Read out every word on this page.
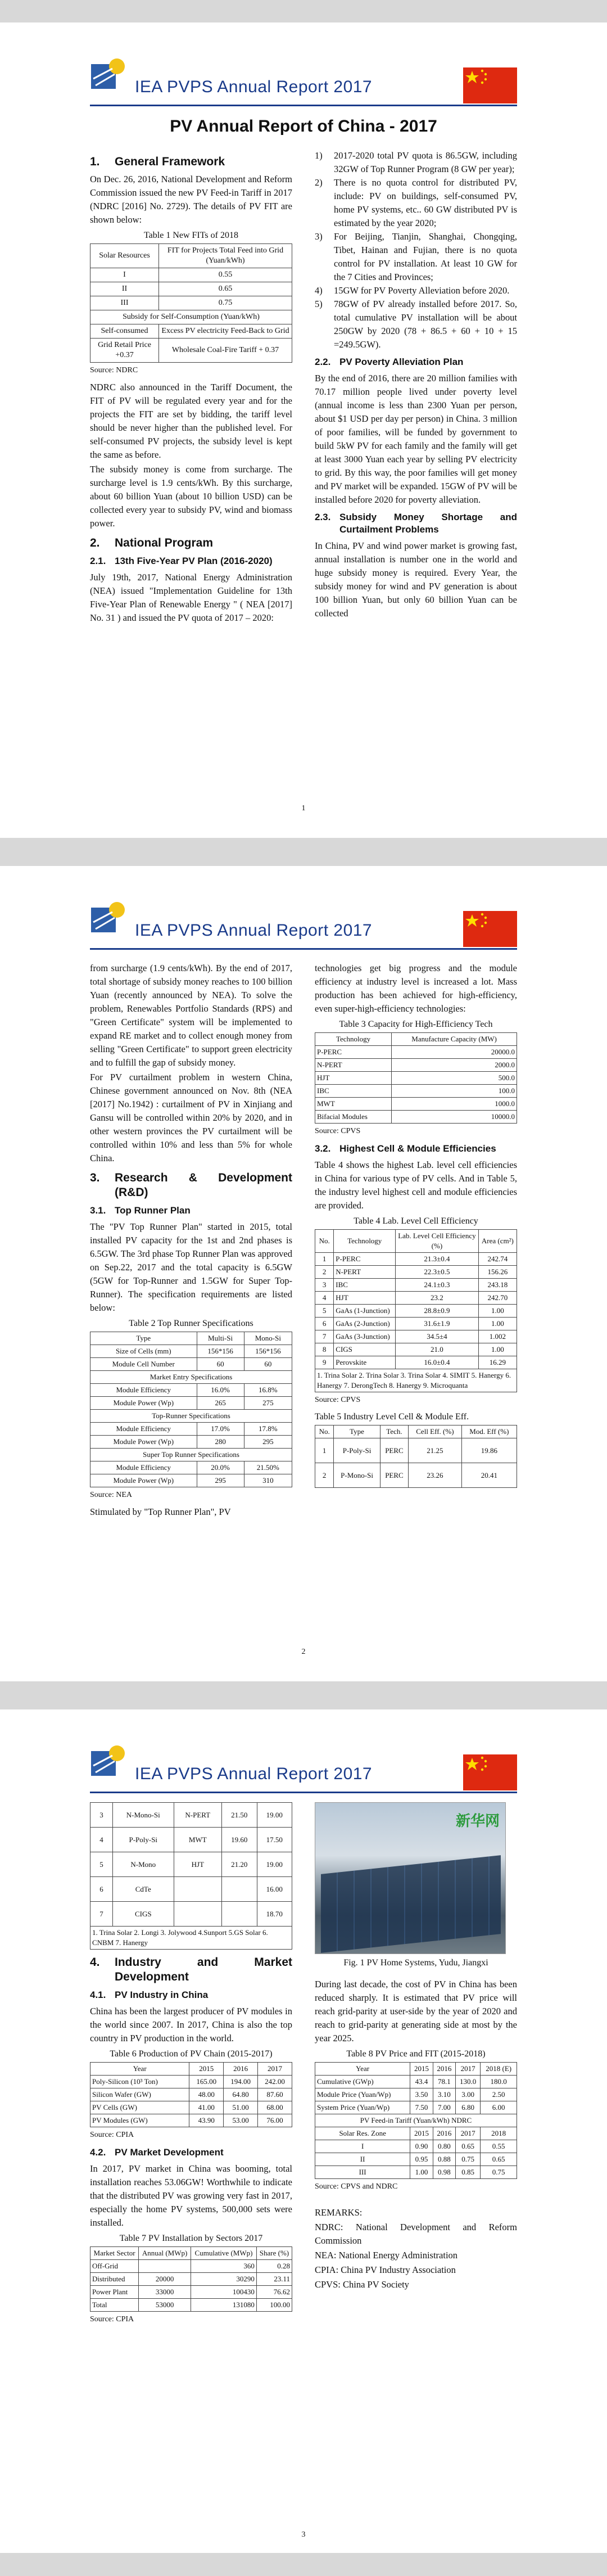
IEA PVPS Annual Report 2017
PV Annual Report of China - 2017
1.	General Framework

On Dec. 26, 2016, National Development and Reform Commission issued the new PV Feed-in Tariff in 2017 (NDRC [2016] No. 2729). The details of PV FIT are shown below:

Table 1 New FITs of 2018
Solar Resources	FIT for Projects Total Feed into Grid (Yuan/kWh)
I	0.55
II	0.65
III	0.75
Subsidy for Self-Consumption (Yuan/kWh)	
Self-consumed	Excess PV electricity Feed-Back to Grid
Grid Retail Price +0.37	Wholesale Coal-Fire Tariff + 0.37
Source: NDRC

NDRC also announced in the Tariff Document, the FIT of PV will be regulated every year and for the projects the FIT are set by bidding, the tariff level should be never higher than the published level. For self-consumed PV projects, the subsidy level is kept the same as before.

The subsidy money is come from surcharge. The surcharge level is 1.9 cents/kWh. By this surcharge, about 60 billion Yuan (about 10 billion USD) can be collected every year to subsidy PV, wind and biomass power.

2.	National Program
2.1. 13th Five-Year PV Plan (2016-2020)

July 19th, 2017, National Energy Administration (NEA) issued "Implementation Guideline for 13th Five-Year Plan of Renewable Energy " ( NEA [2017] No. 31 ) and issued the PV quota of 2017 – 2020:

1)	2017-2020 total PV quota is 86.5GW, including 32GW of Top Runner Program (8 GW per year);
2)	There is no quota control for distributed PV, include: PV on buildings, self-consumed PV, home PV systems, etc.. 60 GW distributed PV is estimated by the year 2020;
3)	For Beijing, Tianjin, Shanghai, Chongqing, Tibet, Hainan and Fujian, there is no quota control for PV installation. At least 10 GW for the 7 Cities and Provinces;
4)	15GW for PV Poverty Alleviation before 2020.
5)	78GW of PV already installed before 2017. So, total cumulative PV installation will be about 250GW by 2020 (78 + 86.5 + 60 + 10 + 15 =249.5GW).
2.2. PV Poverty Alleviation Plan

By the end of 2016, there are 20 million families with 70.17 million people lived under poverty level (annual income is less than 2300 Yuan per person, about $1 USD per day per person) in China. 3 million of poor families, will be funded by government to build 5kW PV for each family and the family will get at least 3000 Yuan each year by selling PV electricity to grid. By this way, the poor families will get money and PV market will be expanded. 15GW of PV will be installed before 2020 for poverty alleviation.

2.3. Subsidy Money Shortage and Curtailment Problems

In China, PV and wind power market is growing fast, annual installation is number one in the world and huge subsidy money is required. Every Year, the subsidy money for wind and PV generation is about 100 billion Yuan, but only 60 billion Yuan can be collected

1
IEA PVPS Annual Report 2017

from surcharge (1.9 cents/kWh). By the end of 2017, total shortage of subsidy money reaches to 100 billion Yuan (recently announced by NEA). To solve the problem, Renewables Portfolio Standards (RPS) and "Green Certificate" system will be implemented to expand RE market and to collect enough money from selling "Green Certificate" to support green electricity and to fulfill the gap of subsidy money.

For PV curtailment problem in western China, Chinese government announced on Nov. 8th (NEA [2017] No.1942) : curtailment of PV in Xinjiang and Gansu will be controlled within 20% by 2020, and in other western provinces the PV curtailment will be controlled within 10% and less than 5% for whole China.

3.	Research & Development (R&D)
3.1. Top Runner Plan

The "PV Top Runner Plan" started in 2015, total installed PV capacity for the 1st and 2nd phases is 6.5GW. The 3rd phase Top Runner Plan was approved on Sep.22, 2017 and the total capacity is 6.5GW (5GW for Top-Runner and 1.5GW for Super Top-Runner). The specification requirements are listed below:

Table 2 Top Runner Specifications
Type	Multi-Si	Mono-Si
Size of Cells (mm)	156*156	156*156
Module Cell Number	60	60
Market Entry Specifications		
Module Efficiency	16.0%	16.8%
Module Power (Wp)	265	275
Top-Runner Specifications		
Module Efficiency	17.0%	17.8%
Module Power (Wp)	280	295
Super Top Runner Specifications		
Module Efficiency	20.0%	21.50%
Module Power (Wp)	295	310
Source: NEA

Stimulated by "Top Runner Plan", PV

technologies get big progress and the module efficiency at industry level is increased a lot. Mass production has been achieved for high-efficiency, even super-high-efficiency technologies:

Table 3 Capacity for High-Efficiency Tech
Technology	Manufacture Capacity (MW)
P-PERC	20000.0
N-PERT	2000.0
HJT	500.0
IBC	100.0
MWT	1000.0
Bifacial Modules	10000.0
Source: CPVS
3.2. Highest Cell & Module Efficiencies

Table 4 shows the highest Lab. level cell efficiencies in China for various type of PV cells. And in Table 5, the industry level highest cell and module efficiencies are provided.

Table 4 Lab. Level Cell Efficiency
No.	Technology	Lab. Level Cell Efficiency (%)	Area (cm²)
1	P-PERC	21.3±0.4	242.74
2	N-PERT	22.3±0.5	156.26
3	IBC	24.1±0.3	243.18
4	HJT	23.2	242.70
5	GaAs (1-Junction)	28.8±0.9	1.00
6	GaAs (2-Junction)	31.6±1.9	1.00
7	GaAs (3-Junction)	34.5±4	1.002
8	CIGS	21.0	1.00
9	Perovskite	16.0±0.4	16.29
1. Trina Solar 2. Trina Solar 3. Trina Solar 4. SIMIT 5. Hanergy 6. Hanergy 7. DerongTech 8. Hanergy 9. Microquanta			
Source: CPVS
Table 5 Industry Level Cell & Module Eff.
No.	Type	Tech.	Cell Eff. (%)	Mod. Eff (%)
1	P-Poly-Si	PERC	21.25	19.86
2	P-Mono-Si	PERC	23.26	20.41
2
IEA PVPS Annual Report 2017
3	N-Mono-Si	N-PERT	21.50	19.00
4	P-Poly-Si	MWT	19.60	17.50
5	N-Mono	HJT	21.20	19.00
6	CdTe			16.00
7	CIGS			18.70
1. Trina Solar 2. Longi 3. Jolywood 4.Sunport 5.GS Solar 6. CNBM 7. Hanergy				
4.	Industry and Market Development
4.1. PV Industry in China

China has been the largest producer of PV modules in the world since 2007. In 2017, China is also the top country in PV production in the world.

Table 6 Production of PV Chain (2015-2017)
Year	2015	2016	2017
Poly-Silicon (10³ Ton)	165.00	194.00	242.00
Silicon Wafer (GW)	48.00	64.80	87.60
PV Cells (GW)	41.00	51.00	68.00
PV Modules (GW)	43.90	53.00	76.00
Source: CPIA
4.2. PV Market Development

In 2017, PV market in China was booming, total installation reaches 53.06GW! Worthwhile to indicate that the distributed PV was growing very fast in 2017, especially the home PV systems, 500,000 sets were installed.

Table 7 PV Installation by Sectors 2017
Market Sector	Annual (MWp)	Cumulative (MWp)	Share (%)
Off-Grid		360	0.28
Distributed	20000	30290	23.11
Power Plant	33000	100430	76.62
Total	53000	131080	100.00
Source: CPIA
新华网
Fig. 1 PV Home Systems, Yudu, Jiangxi

During last decade, the cost of PV in China has been reduced sharply. It is estimated that PV price will reach grid-parity at user-side by the year of 2020 and reach to grid-parity at generating side at most by the year 2025.

Table 8 PV Price and FIT (2015-2018)
Year	2015	2016	2017	2018 (E)
Cumulative (GWp)	43.4	78.1	130.0	180.0
Module Price (Yuan/Wp)	3.50	3.10	3.00	2.50
System Price (Yuan/Wp)	7.50	7.00	6.80	6.00
PV Feed-in Tariff (Yuan/kWh) NDRC				
Solar Res. Zone	2015	2016	2017	2018
I	0.90	0.80	0.65	0.55
II	0.95	0.88	0.75	0.65
III	1.00	0.98	0.85	0.75
Source: CPVS and NDRC

REMARKS:

NDRC: National Development and Reform Commission

NEA: National Energy Administration

CPIA: China PV Industry Association

CPVS: China PV Society

3
